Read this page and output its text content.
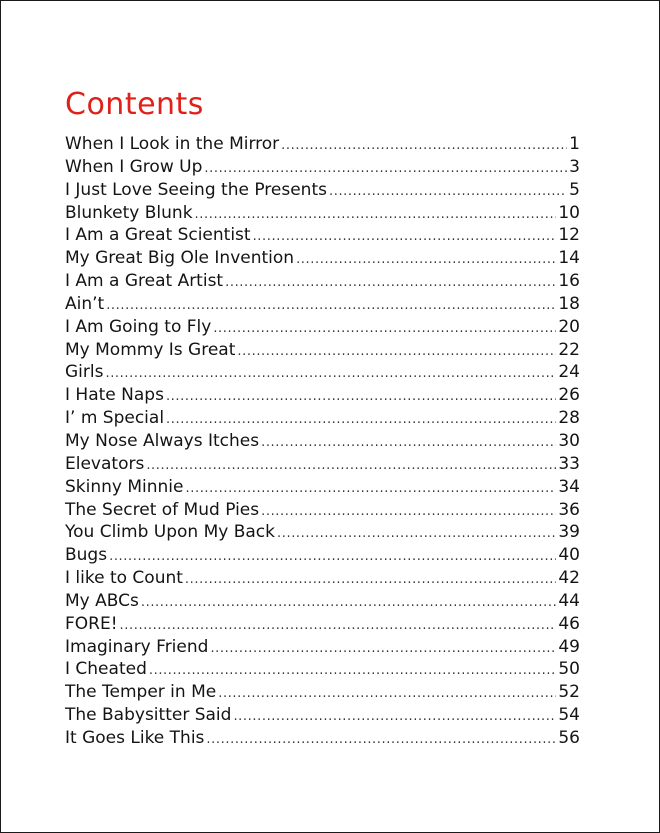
Contents
When I Look in the Mirror .....	1
When I Grow Up .....	3
I Just Love Seeing the Presents .....	5
Blunkety Blunk .....	10
I Am a Great Scientist .....	12
My Great Big Ole Invention .....	14
I Am a Great Artist .....	16
Ain’t .....	18
I Am Going to Fly .....	20
My Mommy Is Great .....	22
Girls .....	24
I Hate Naps .....	26
I’ m Special .....	28
My Nose Always Itches .....	30
Elevators .....	33
Skinny Minnie .....	34
The Secret of Mud Pies .....	36
You Climb Upon My Back .....	39
Bugs .....	40
I like to Count .....	42
My ABCs .....	44
FORE! .....	46
Imaginary Friend .....	49
I Cheated .....	50
The Temper in Me .....	52
The Babysitter Said .....	54
It Goes Like This .....	56
